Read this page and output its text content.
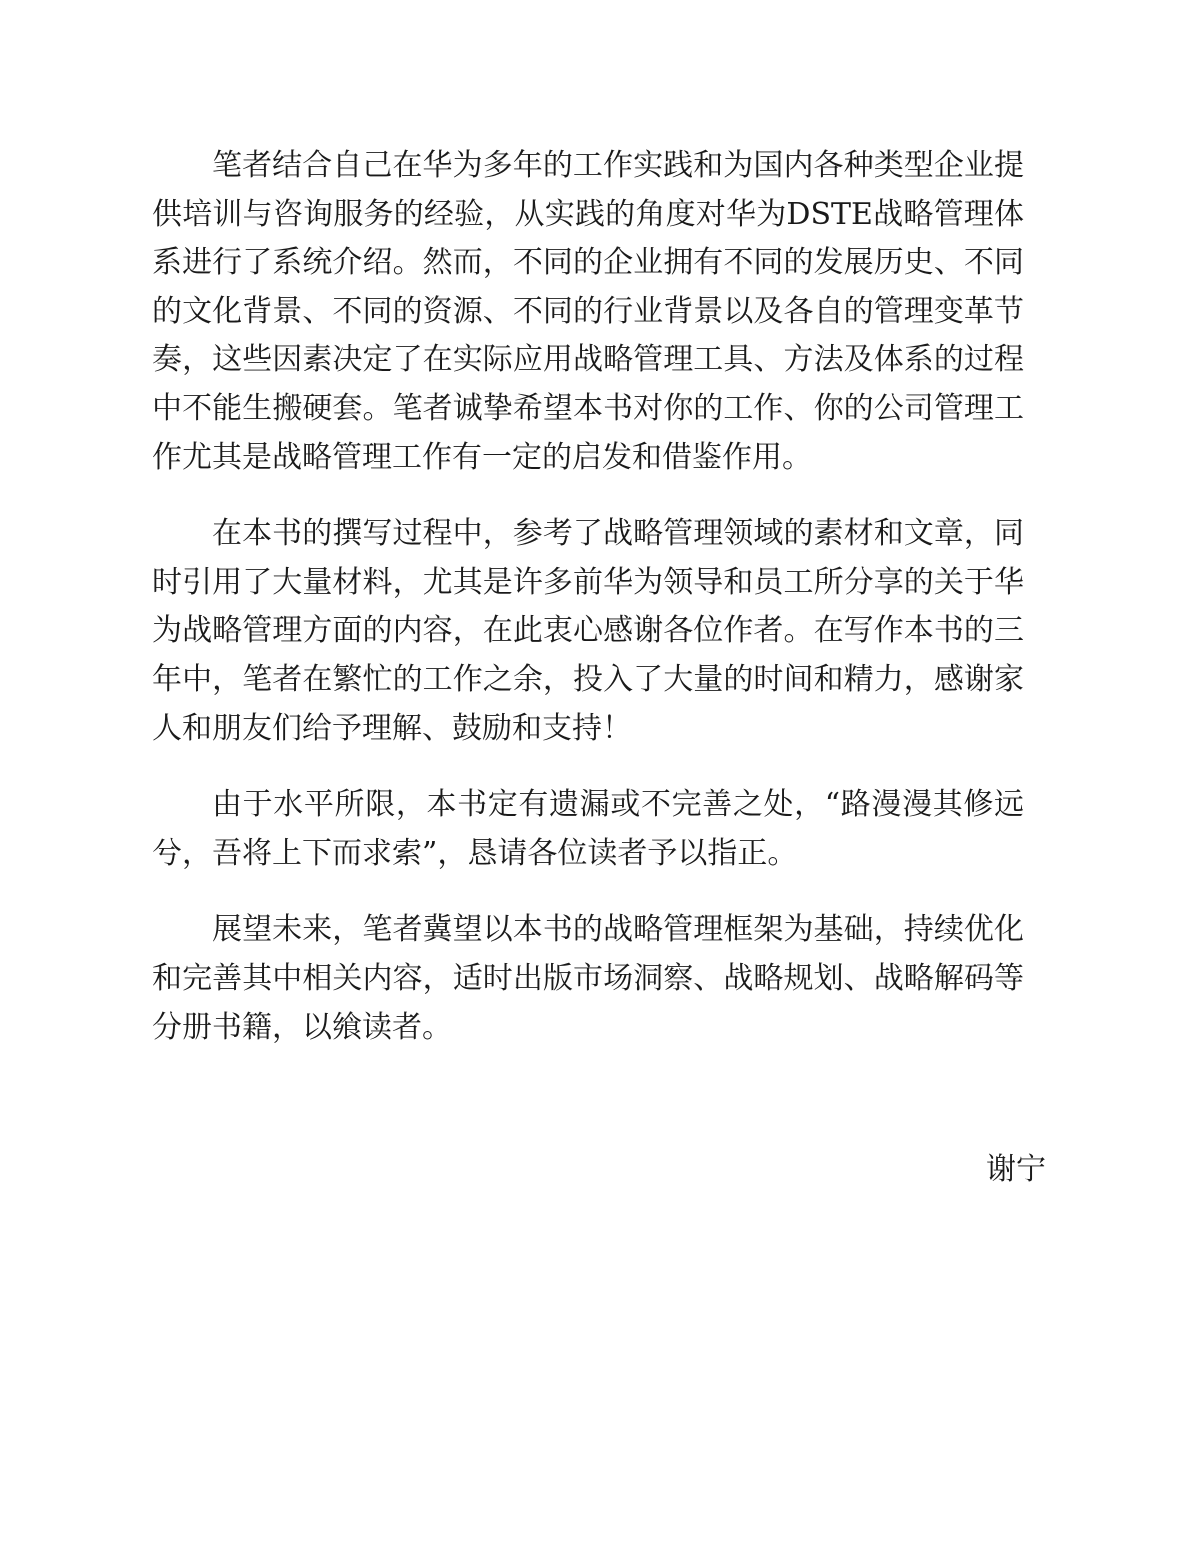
笔者结合自己在华为多年的工作实践和为国内各种类型企业提供培训与咨询服务的经验，从实践的角度对华为DSTE战略管理体系进行了系统介绍。然而，不同的企业拥有不同的发展历史、不同的文化背景、不同的资源、不同的行业背景以及各自的管理变革节奏，这些因素决定了在实际应用战略管理工具、方法及体系的过程中不能生搬硬套。笔者诚挚希望本书对你的工作、你的公司管理工作尤其是战略管理工作有一定的启发和借鉴作用。

在本书的撰写过程中，参考了战略管理领域的素材和文章，同时引用了大量材料，尤其是许多前华为领导和员工所分享的关于华为战略管理方面的内容，在此衷心感谢各位作者。在写作本书的三年中，笔者在繁忙的工作之余，投入了大量的时间和精力，感谢家人和朋友们给予理解、鼓励和支持！

由于水平所限，本书定有遗漏或不完善之处，“路漫漫其修远兮，吾将上下而求索”，恳请各位读者予以指正。

展望未来，笔者冀望以本书的战略管理框架为基础，持续优化和完善其中相关内容，适时出版市场洞察、战略规划、战略解码等分册书籍，以飨读者。

谢宁
